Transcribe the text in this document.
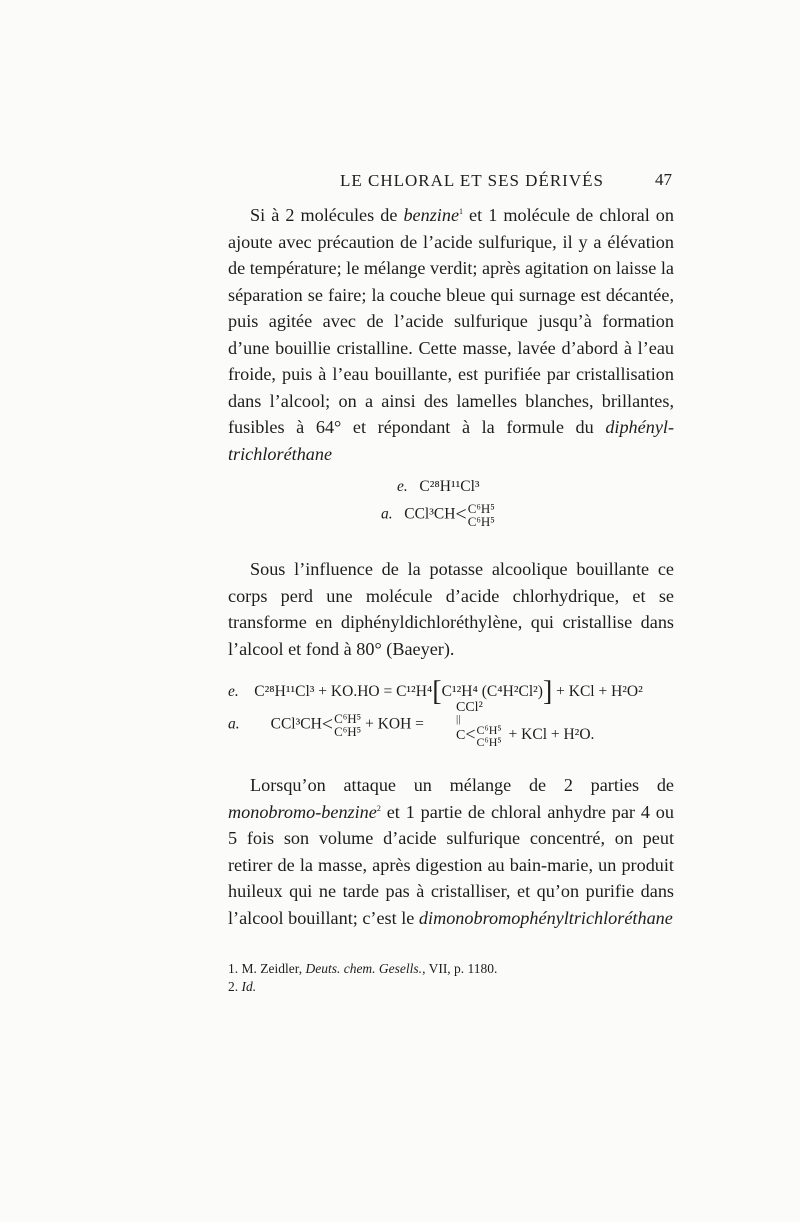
LE CHLORAL ET SES DÉRIVÉS	47

Si à 2 molécules de benzine$^1$ et 1 molécule de chloral on ajoute avec précaution de l’acide sulfurique, il y a élévation de température; le mélange verdit; après agitation on laisse la séparation se faire; la couche bleue qui surnage est décantée, puis agitée avec de l’acide sulfurique jusqu’à formation d’une bouillie cristalline. Cette masse, lavée d’abord à l’eau froide, puis à l’eau bouillante, est purifiée par cristallisation dans l’alcool; on a ainsi des lamelles blanches, brillantes, fusibles à 64° et répondant à la formule du diphényl-trichloréthane

e. C²⁸H¹¹Cl³
a. CCl³CH< C⁶H⁵
C⁶H⁵

Sous l’influence de la potasse alcoolique bouillante ce corps perd une molécule d’acide chlorhydrique, et se transforme en diphényldichloréthylène, qui cristallise dans l’alcool et fond à 80° (Baeyer).

e. C²⁸H¹¹Cl³ + KO.HO = C¹²H⁴[C¹²H⁴ (C⁴H²Cl²)] + KCl + H²O²
a. CCl³CH< C⁶H⁵
C⁶H⁵ + KOH =
CCl²
||
C< C⁶H⁵
C⁶H⁵ + KCl + H²O.

Lorsqu’on attaque un mélange de 2 parties de monobromo-benzine$^2$ et 1 partie de chloral anhydre par 4 ou 5 fois son volume d’acide sulfurique concentré, on peut retirer de la masse, après digestion au bain-marie, un produit huileux qui ne tarde pas à cristalliser, et qu’on purifie dans l’alcool bouillant; c’est le dimonobromophényltrichloréthane

1. M. Zeidler, Deuts. chem. Gesells., VII, p. 1180.
2. Id.
